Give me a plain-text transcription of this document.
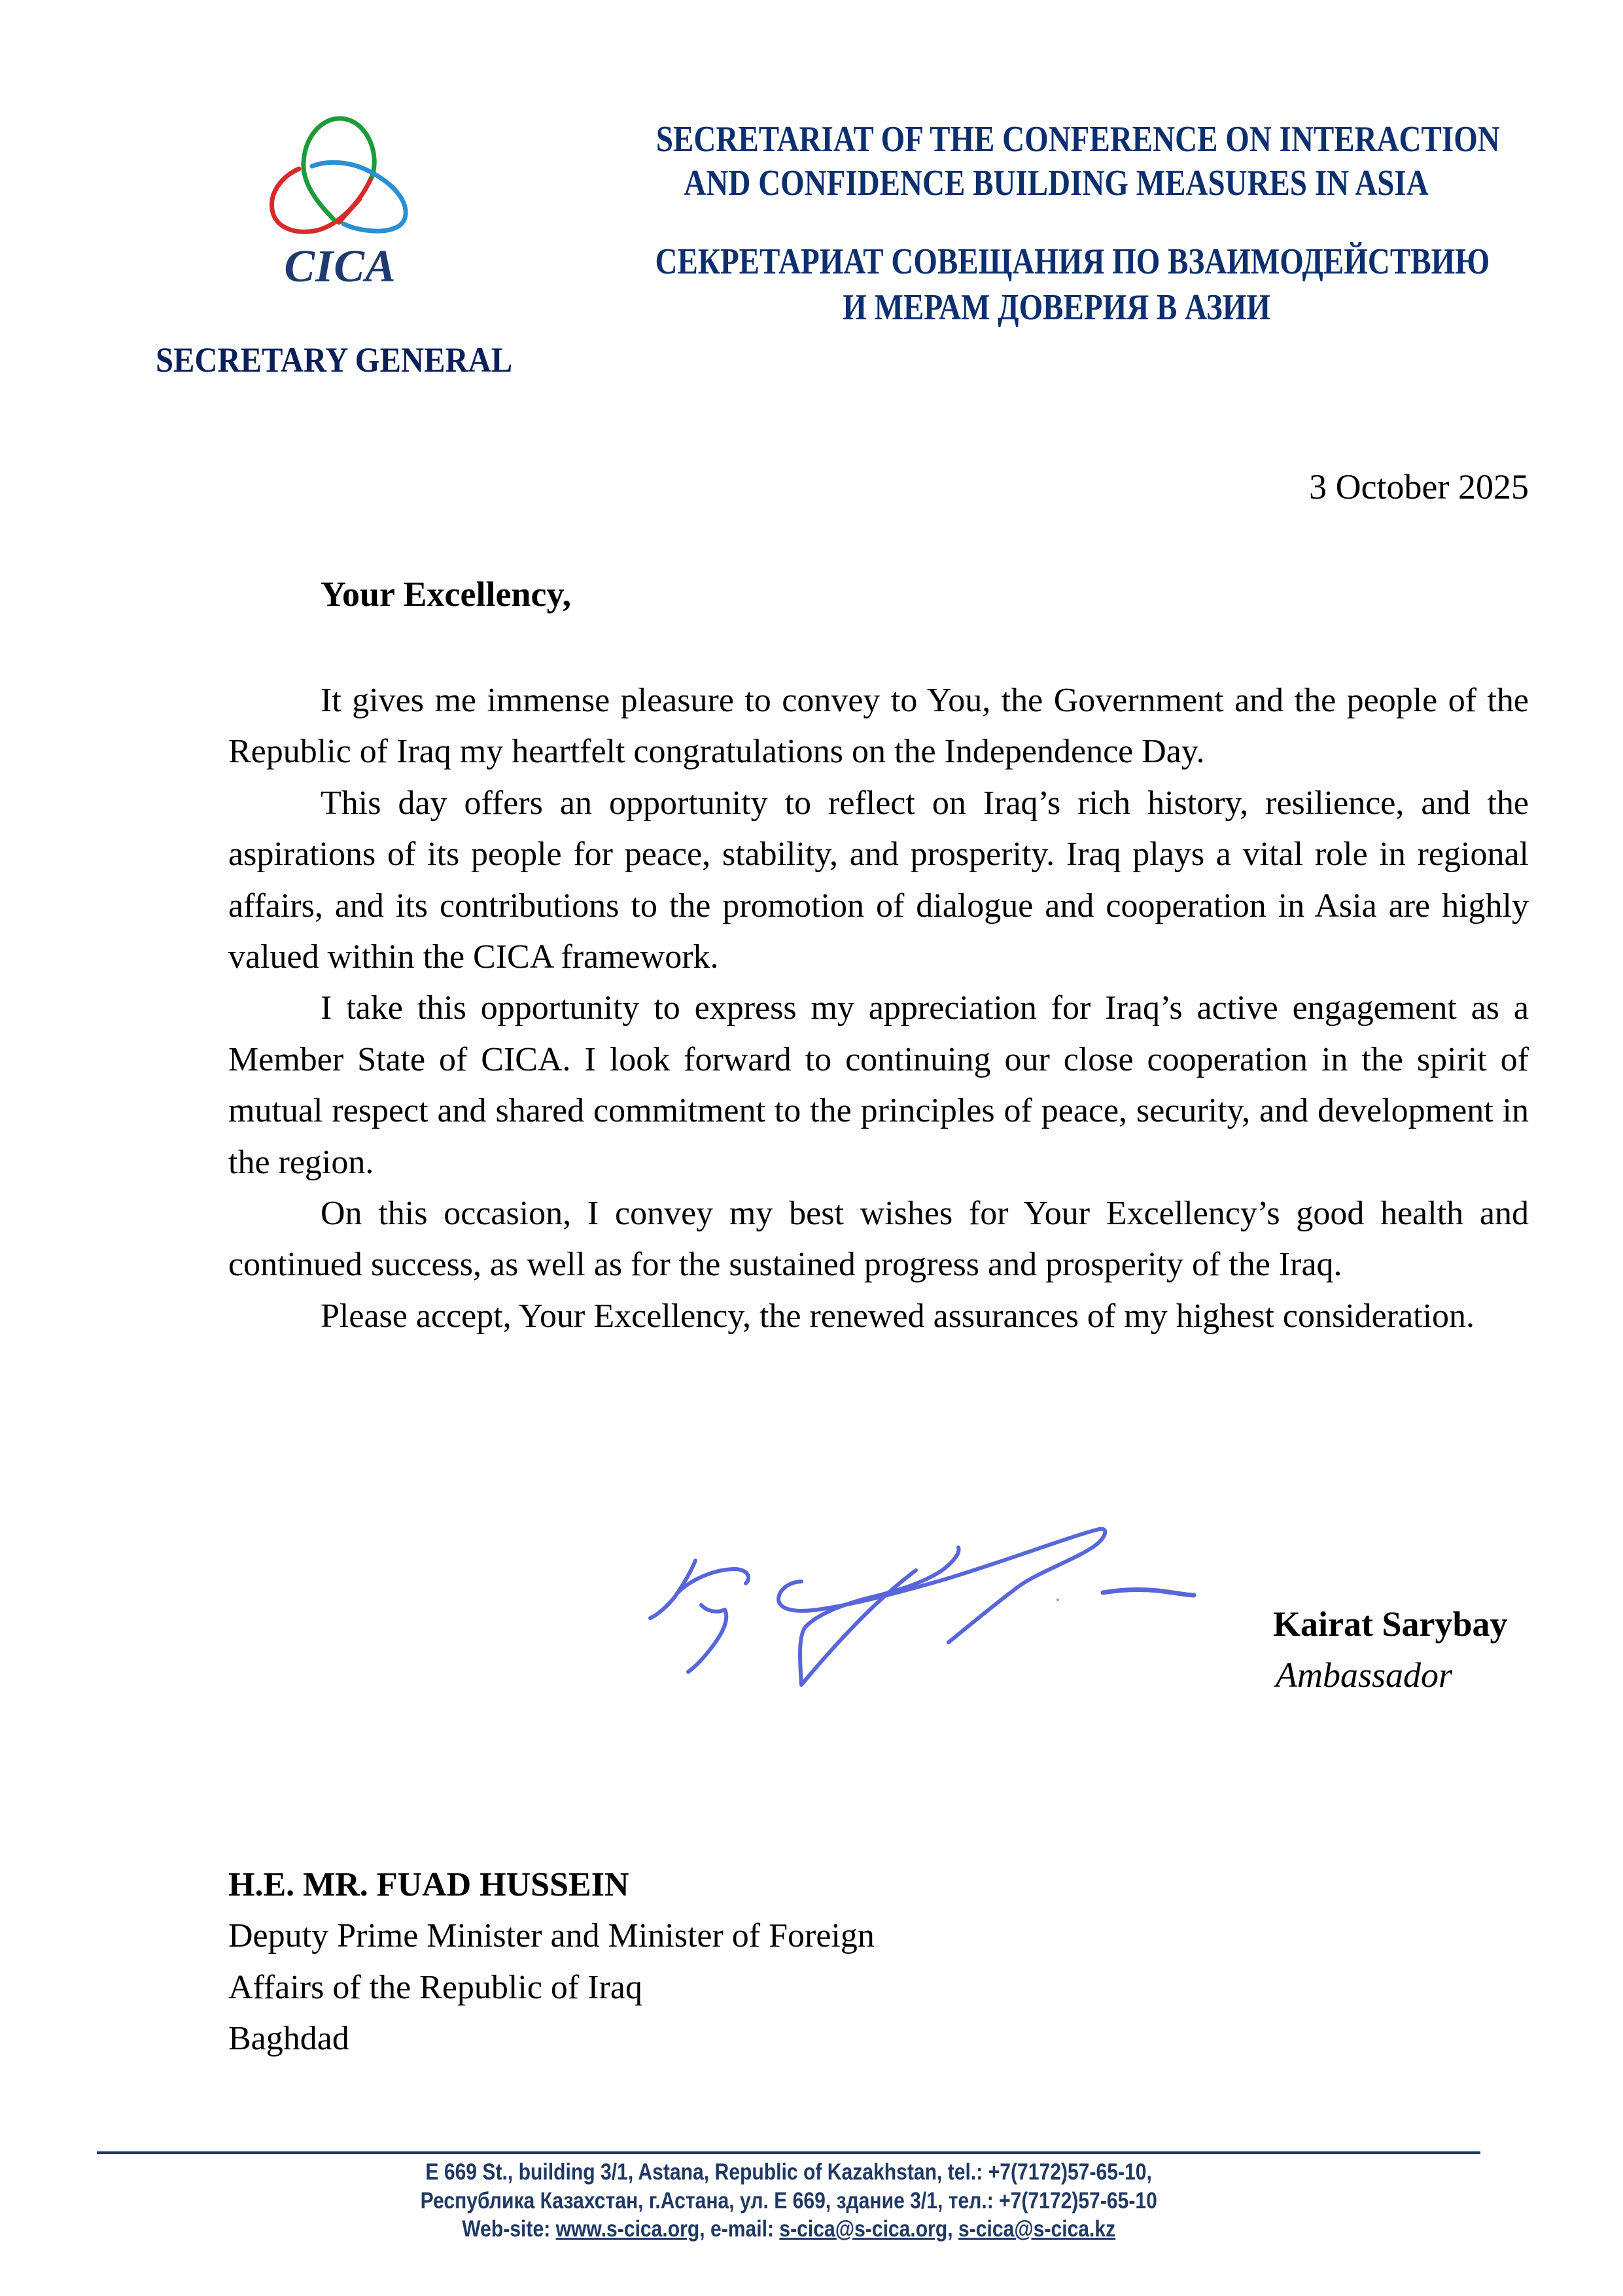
CICA
SECRETARY GENERAL
SECRETARIAT OF THE CONFERENCE ON INTERACTION
AND CONFIDENCE BUILDING MEASURES IN ASIA
СЕКРЕТАРИАТ СОВЕЩАНИЯ ПО ВЗАИМОДЕЙСТВИЮ
И МЕРАМ ДОВЕРИЯ В АЗИИ
3 October 2025
Your Excellency,

It gives me immense pleasure to convey to You, the Government and the people of the Republic of Iraq my heartfelt congratulations on the Independence Day.

This day offers an opportunity to reflect on Iraq’s rich history, resilience, and the aspirations of its people for peace, stability, and prosperity. Iraq plays a vital role in regional affairs, and its contributions to the promotion of dialogue and cooperation in Asia are highly valued within the CICA framework.

I take this opportunity to express my appreciation for Iraq’s active engagement as a Member State of CICA. I look forward to continuing our close cooperation in the spirit of mutual respect and shared commitment to the principles of peace, security, and development in the region.

On this occasion, I convey my best wishes for Your Excellency’s good health and continued success, as well as for the sustained progress and prosperity of the Iraq.

Please accept, Your Excellency, the renewed assurances of my highest consideration.

Kairat Sarybay
Ambassador
H.E. MR. FUAD HUSSEIN
Deputy Prime Minister and Minister of Foreign
Affairs of the Republic of Iraq
Baghdad
E 669 St., building 3/1, Astana, Republic of Kazakhstan, tel.: +7(7172)57-65-10,
Республика Казахстан, г.Астана, ул. Е 669, здание 3/1, тел.: +7(7172)57-65-10
Web-site: www.s-cica.org, e-mail: s-cica@s-cica.org, s-cica@s-cica.kz
